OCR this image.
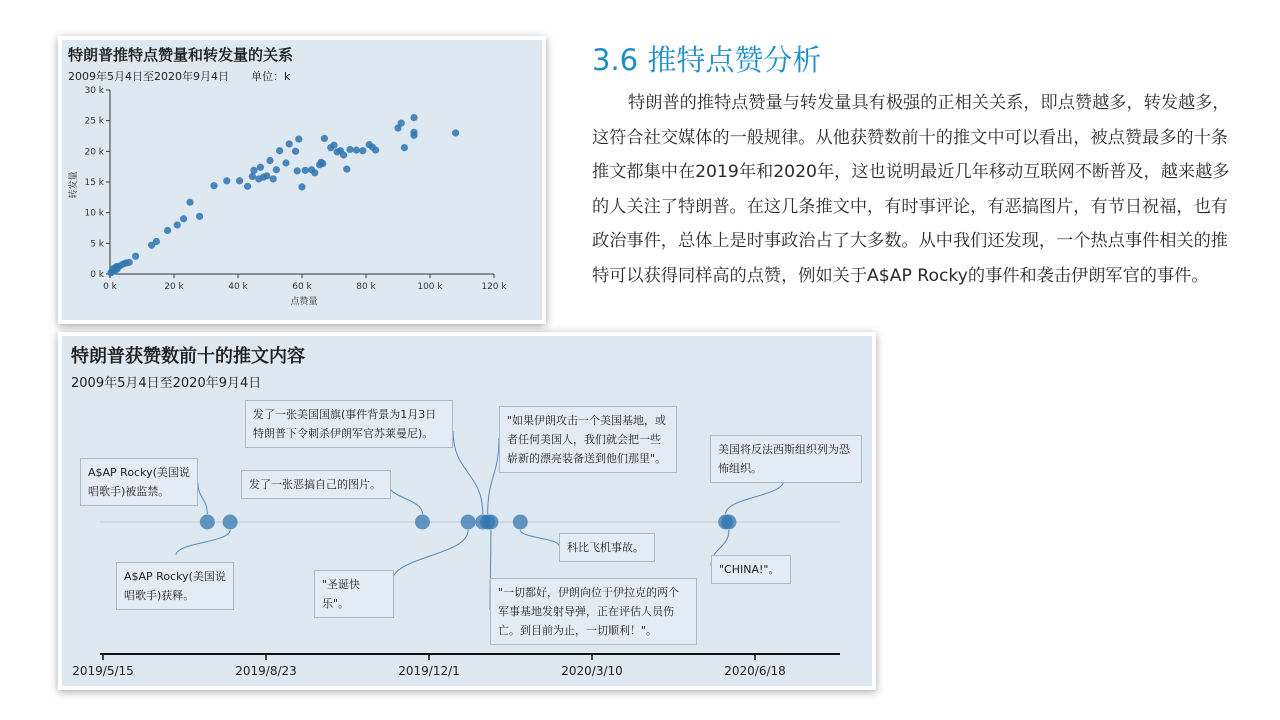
特朗普推特点赞量和转发量的关系
2009年5月4日至2020年9月4日　　单位：k
转发量
点赞量
0 k	20 k	40 k	60 k	80 k	100 k	120 k
0 k
5 k
10 k
15 k
20 k
25 k
30 k
特朗普获赞数前十的推文内容
2009年5月4日至2020年9月4日
2019/5/15	2019/8/23	2019/12/1	2020/3/10	2020/6/18
A$AP Rocky(美国说唱歌手)被监禁。
A$AP Rocky(美国说唱歌手)获释。
发了一张恶搞自己的图片。
"圣诞快乐"。
发了一张美国国旗(事件背景为1月3日特朗普下令刺杀伊朗军官苏莱曼尼)。
"如果伊朗攻击一个美国基地，或者任何美国人，我们就会把一些崭新的漂亮装备送到他们那里"。
"一切都好，伊朗向位于伊拉克的两个军事基地发射导弹，正在评估人员伤亡。到目前为止，一切顺利！"。
科比飞机事故。
美国将反法西斯组织列为恐怖组织。
"CHINA!"。
3.6 推特点赞分析
特朗普的推特点赞量与转发量具有极强的正相关关系，即点赞越多，转发越多，这符合社交媒体的一般规律。从他获赞数前十的推文中可以看出，被点赞最多的十条推文都集中在2019年和2020年，这也说明最近几年移动互联网不断普及，越来越多的人关注了特朗普。在这几条推文中，有时事评论，有恶搞图片，有节日祝福，也有政治事件，总体上是时事政治占了大多数。从中我们还发现，一个热点事件相关的推特可以获得同样高的点赞，例如关于A$AP Rocky的事件和袭击伊朗军官的事件。
